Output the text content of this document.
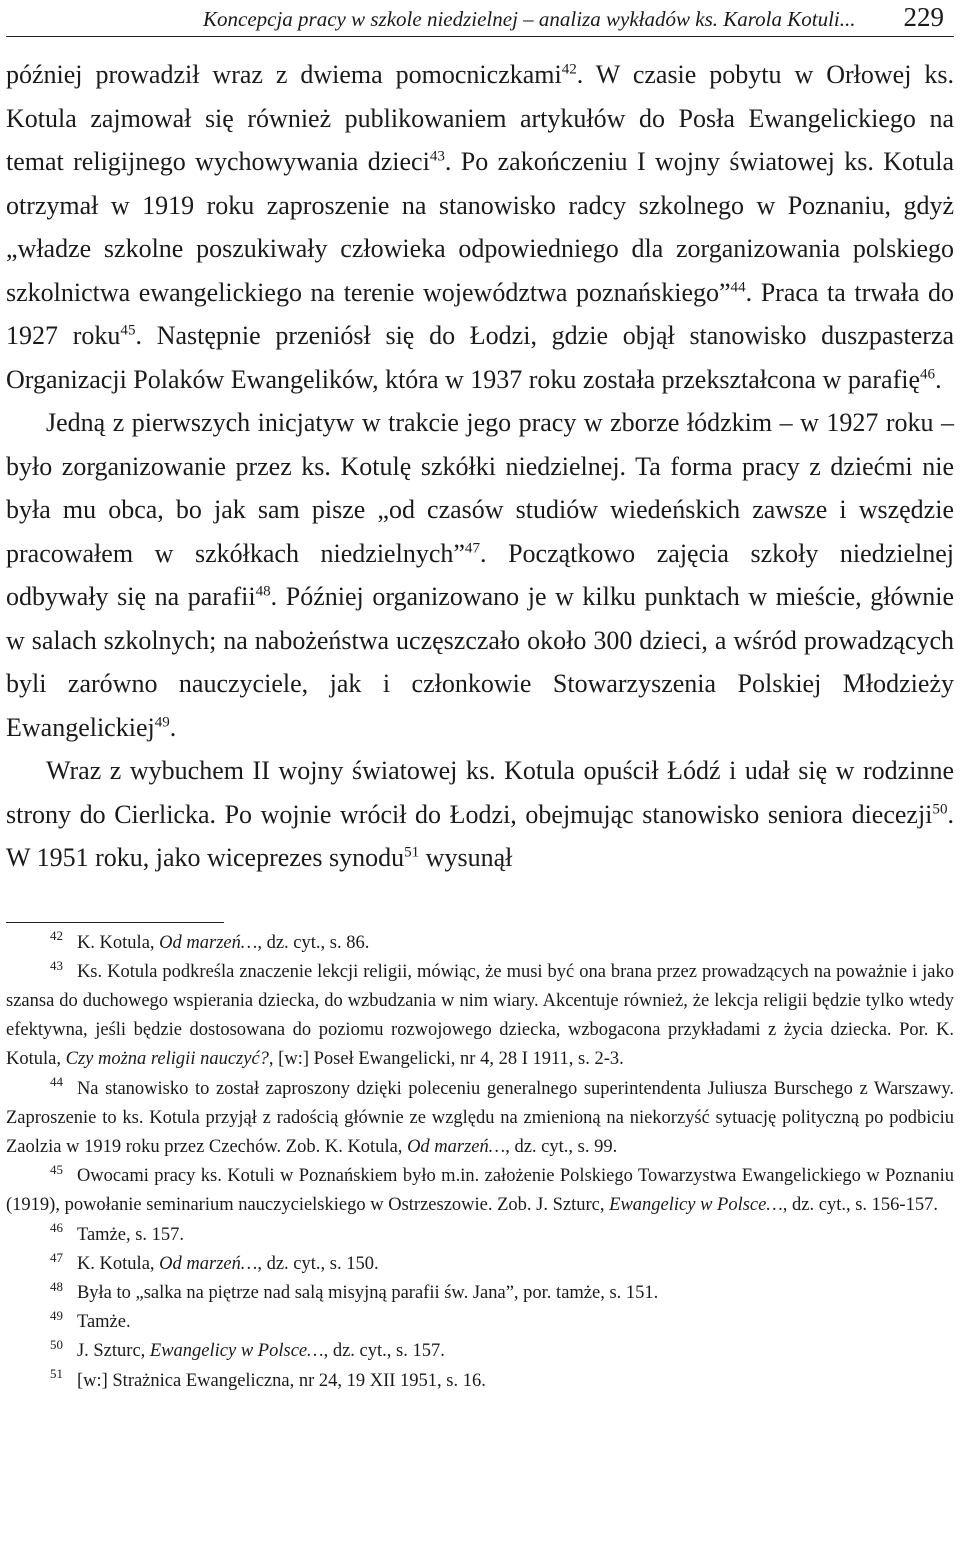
Koncepcja pracy w szkole niedzielnej – analiza wykładów ks. Karola Kotuli... 229

później prowadził wraz z dwiema pomocniczkami$^{42}$. W czasie pobytu w Orłowej ks. Kotula zajmował się również publikowaniem artykułów do Posła Ewangelickiego na temat religijnego wychowywania dzieci$^{43}$. Po zakończeniu I wojny światowej ks. Kotula otrzymał w 1919 roku zaproszenie na stanowisko radcy szkolnego w Poznaniu, gdyż „władze szkolne poszukiwały człowieka odpowiedniego dla zorganizowania polskiego szkolnictwa ewangelickiego na terenie województwa poznańskiego”$^{44}$. Praca ta trwała do 1927 roku$^{45}$. Następnie przeniósł się do Łodzi, gdzie objął stanowisko duszpasterza Organizacji Polaków Ewangelików, która w 1937 roku została przekształcona w parafię$^{46}$.

Jedną z pierwszych inicjatyw w trakcie jego pracy w zborze łódzkim – w 1927 roku – było zorganizowanie przez ks. Kotulę szkółki niedzielnej. Ta forma pracy z dziećmi nie była mu obca, bo jak sam pisze „od czasów studiów wiedeńskich zawsze i wszędzie pracowałem w szkółkach niedzielnych”$^{47}$. Początkowo zajęcia szkoły niedzielnej odbywały się na parafii$^{48}$. Później organizowano je w kilku punktach w mieście, głównie w salach szkolnych; na nabożeństwa uczęszczało około 300 dzieci, a wśród prowadzących byli zarówno nauczyciele, jak i członkowie Stowarzyszenia Polskiej Młodzieży Ewangelickiej$^{49}$.

Wraz z wybuchem II wojny światowej ks. Kotula opuścił Łódź i udał się w rodzinne strony do Cierlicka. Po wojnie wrócił do Łodzi, obejmując stanowisko seniora diecezji$^{50}$. W 1951 roku, jako wiceprezes synodu$^{51}$ wysunął

$^{42}$ K. Kotula, Od marzeń…, dz. cyt., s. 86.

$^{43}$ Ks. Kotula podkreśla znaczenie lekcji religii, mówiąc, że musi być ona brana przez prowadzących na poważnie i jako szansa do duchowego wspierania dziecka, do wzbudzania w nim wiary. Akcentuje również, że lekcja religii będzie tylko wtedy efektywna, jeśli będzie dostosowana do poziomu rozwojowego dziecka, wzbogacona przykładami z życia dziecka. Por. K. Kotula, Czy można religii nauczyć?, [w:] Poseł Ewangelicki, nr 4, 28 I 1911, s. 2-3.

$^{44}$ Na stanowisko to został zaproszony dzięki poleceniu generalnego superintendenta Juliusza Burschego z Warszawy. Zaproszenie to ks. Kotula przyjął z radością głównie ze względu na zmienioną na niekorzyść sytuację polityczną po podbiciu Zaolzia w 1919 roku przez Czechów. Zob. K. Kotula, Od marzeń…, dz. cyt., s. 99.

$^{45}$ Owocami pracy ks. Kotuli w Poznańskiem było m.in. założenie Polskiego Towarzystwa Ewangelickiego w Poznaniu (1919), powołanie seminarium nauczycielskiego w Ostrzeszowie. Zob. J. Szturc, Ewangelicy w Polsce…, dz. cyt., s. 156-157.

$^{46}$ Tamże, s. 157.

$^{47}$ K. Kotula, Od marzeń…, dz. cyt., s. 150.

$^{48}$ Była to „salka na piętrze nad salą misyjną parafii św. Jana”, por. tamże, s. 151.

$^{49}$ Tamże.

$^{50}$ J. Szturc, Ewangelicy w Polsce…, dz. cyt., s. 157.

$^{51}$ [w:] Strażnica Ewangeliczna, nr 24, 19 XII 1951, s. 16.
